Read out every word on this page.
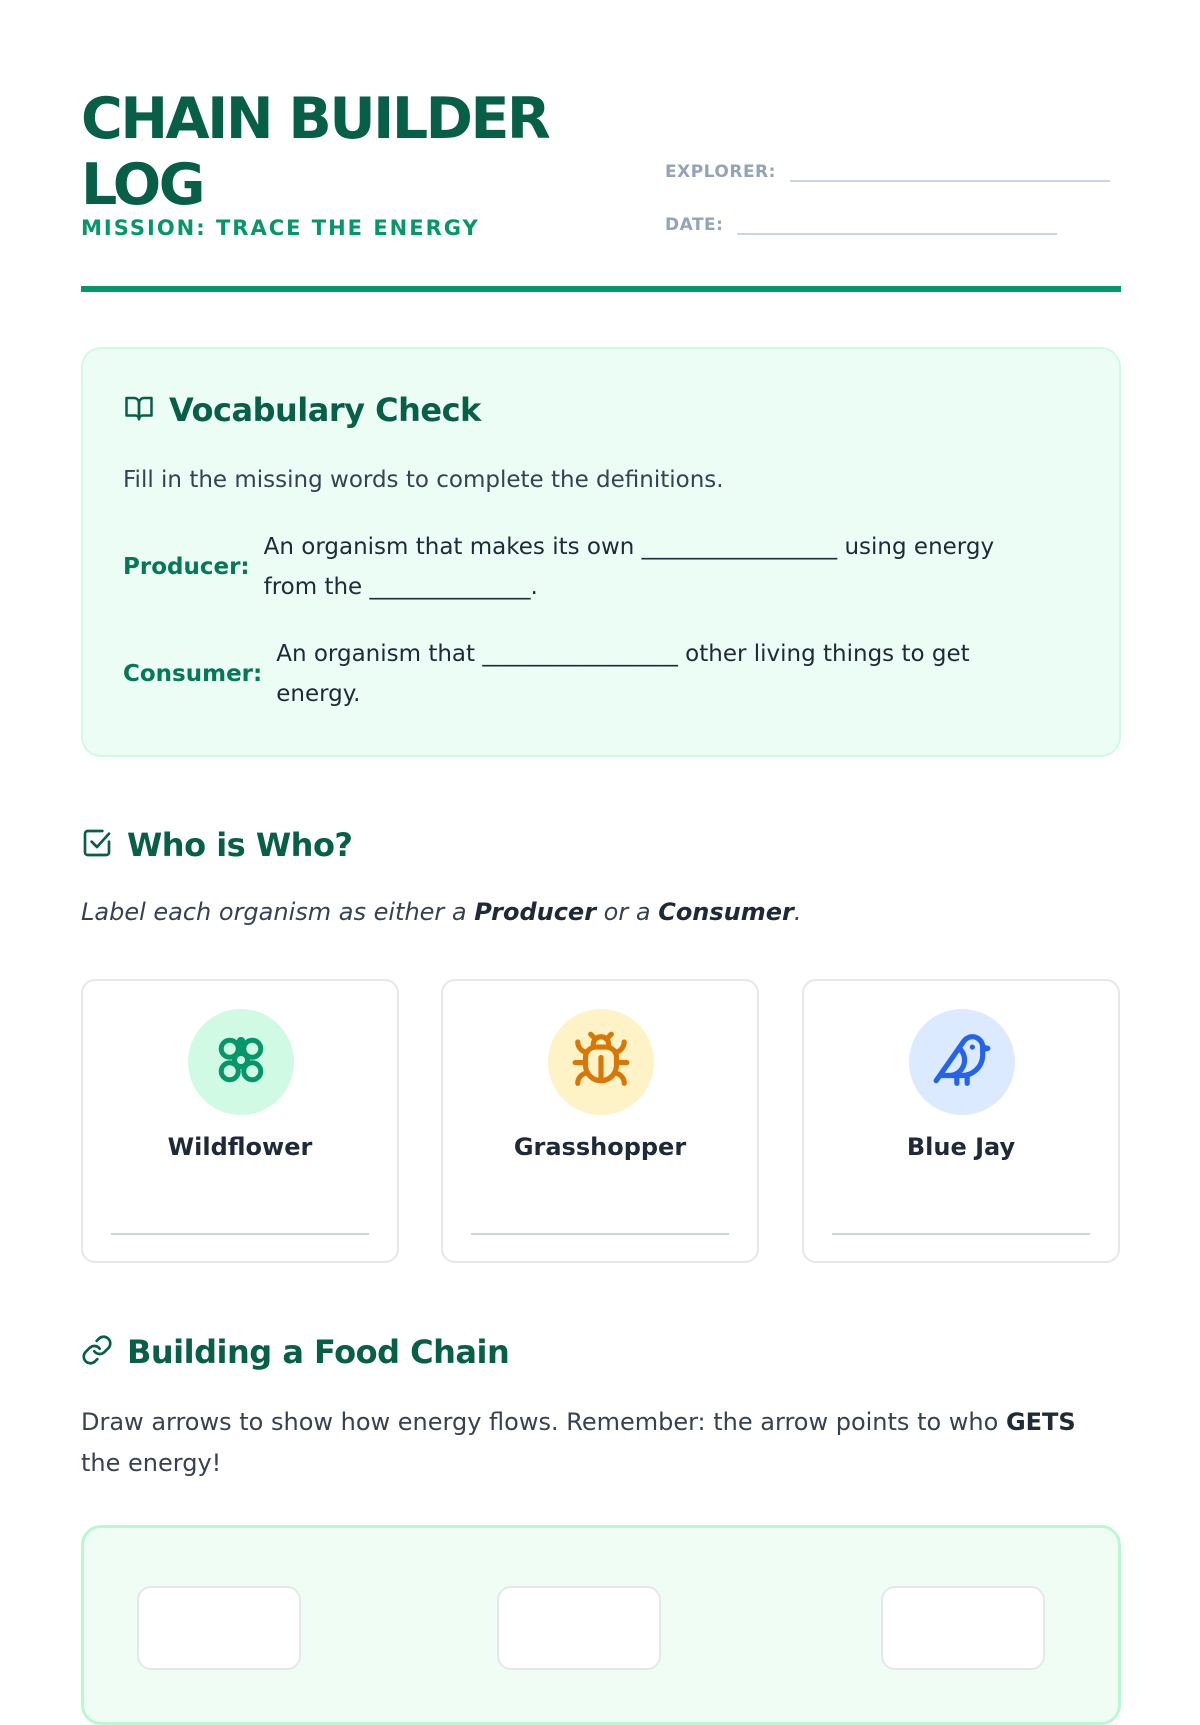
CHAIN BUILDER LOG
MISSION: TRACE THE ENERGY
EXPLORER:
DATE:
Vocabulary Check
Fill in the missing words to complete the definitions.
Producer:
An organism that makes its own _________________ using energy from the ______________.
Consumer:
An organism that _________________ other living things to get energy.
Who is Who?
Label each organism as either a Producer or a Consumer.
Wildflower	Grasshopper	Blue Jay
Building a Food Chain
Draw arrows to show how energy flows. Remember: the arrow points to who GETS the energy!
